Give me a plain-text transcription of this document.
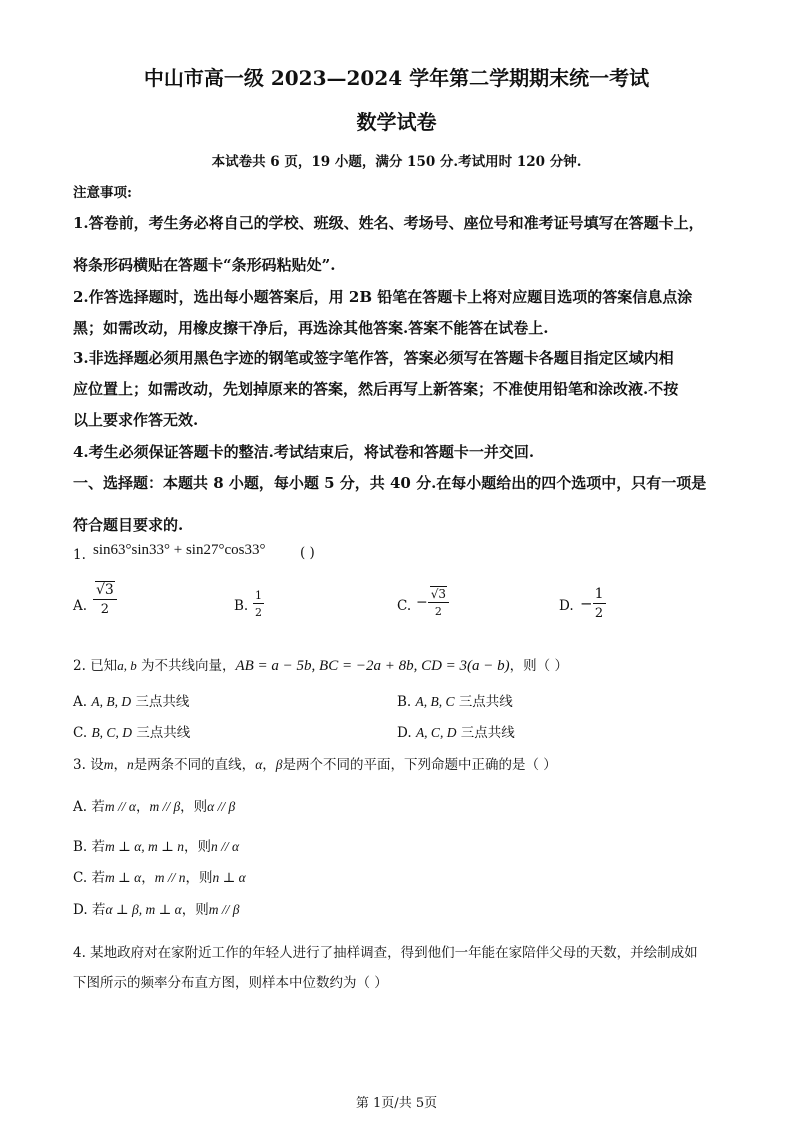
中山市高一级 2023—2024 学年第二学期期末统一考试
数学试卷
本试卷共 6 页，19 小题，满分 150 分.考试用时 120 分钟.
注意事项:
1.答卷前，考生务必将自己的学校、班级、姓名、考场号、座位号和准考证号填写在答题卡上，
将条形码横贴在答题卡“条形码粘贴处”.
2.作答选择题时，选出每小题答案后，用 2B 铅笔在答题卡上将对应题目选项的答案信息点涂
黑；如需改动，用橡皮擦干净后，再选涂其他答案.答案不能答在试卷上.
3.非选择题必须用黑色字迹的钢笔或签字笔作答，答案必须写在答题卡各题目指定区域内相
应位置上；如需改动，先划掉原来的答案，然后再写上新答案；不准使用铅笔和涂改液.不按
以上要求作答无效.
4.考生必须保证答题卡的整洁.考试结束后，将试卷和答题卡一并交回.
一、选择题：本题共 8 小题，每小题 5 分，共 40 分.在每小题给出的四个选项中，只有一项是
符合题目要求的.
1. sin63°sin33° + sin27°cos33°	( )
A. $\frac{√3}{2}$	B. $\frac{1}{2}$	C. − $\frac{√3}{2}$	D. − $\frac{1}{2}$
2. 已知a, b 为不共线向量，AB = a − 5b, BC = −2a + 8b, CD = 3(a − b)，则（ ）
A. A, B, D 三点共线	B. A, B, C 三点共线
C. B, C, D 三点共线	D. A, C, D 三点共线
3. 设m，n是两条不同的直线，α，β是两个不同的平面，下列命题中正确的是（ ）
A. 若m // α，m // β，则α // β
B. 若m ⊥ α, m ⊥ n，则n // α
C. 若m ⊥ α，m // n，则n ⊥ α
D. 若α ⊥ β, m ⊥ α，则m // β
4. 某地政府对在家附近工作的年轻人进行了抽样调查，得到他们一年能在家陪伴父母的天数，并绘制成如
下图所示的频率分布直方图，则样本中位数约为（ ）
第 1页/共 5页
